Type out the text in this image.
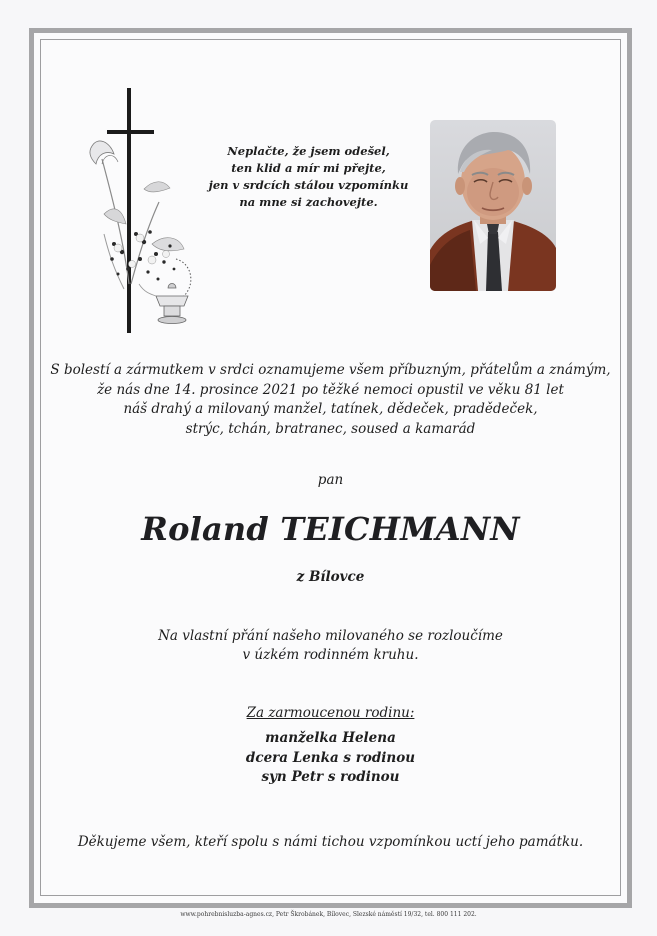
Neplačte, že jsem odešel,
ten klid a mír mi přejte,
jen v srdcích stálou vzpomínku
na mne si zachovejte.
S bolestí a zármutkem v srdci oznamujeme všem příbuzným, přátelům a známým,
že nás dne 14. prosince 2021 po těžké nemoci opustil ve věku 81 let
náš drahý a milovaný manžel, tatínek, dědeček, pradědeček,
strýc, tchán, bratranec, soused a kamarád
pan
Roland TEICHMANN
z Bílovce
Na vlastní přání našeho milovaného se rozloučíme
v úzkém rodinném kruhu.
Za zarmoucenou rodinu:
manželka Helena
dcera Lenka s rodinou
syn Petr s rodinou
Děkujeme všem, kteří spolu s námi tichou vzpomínkou uctí jeho památku.
www.pohrebnisluzba-agnes.cz, Petr Škrobánek, Bílovec, Slezské náměstí 19/32, tel. 800 111 202.
